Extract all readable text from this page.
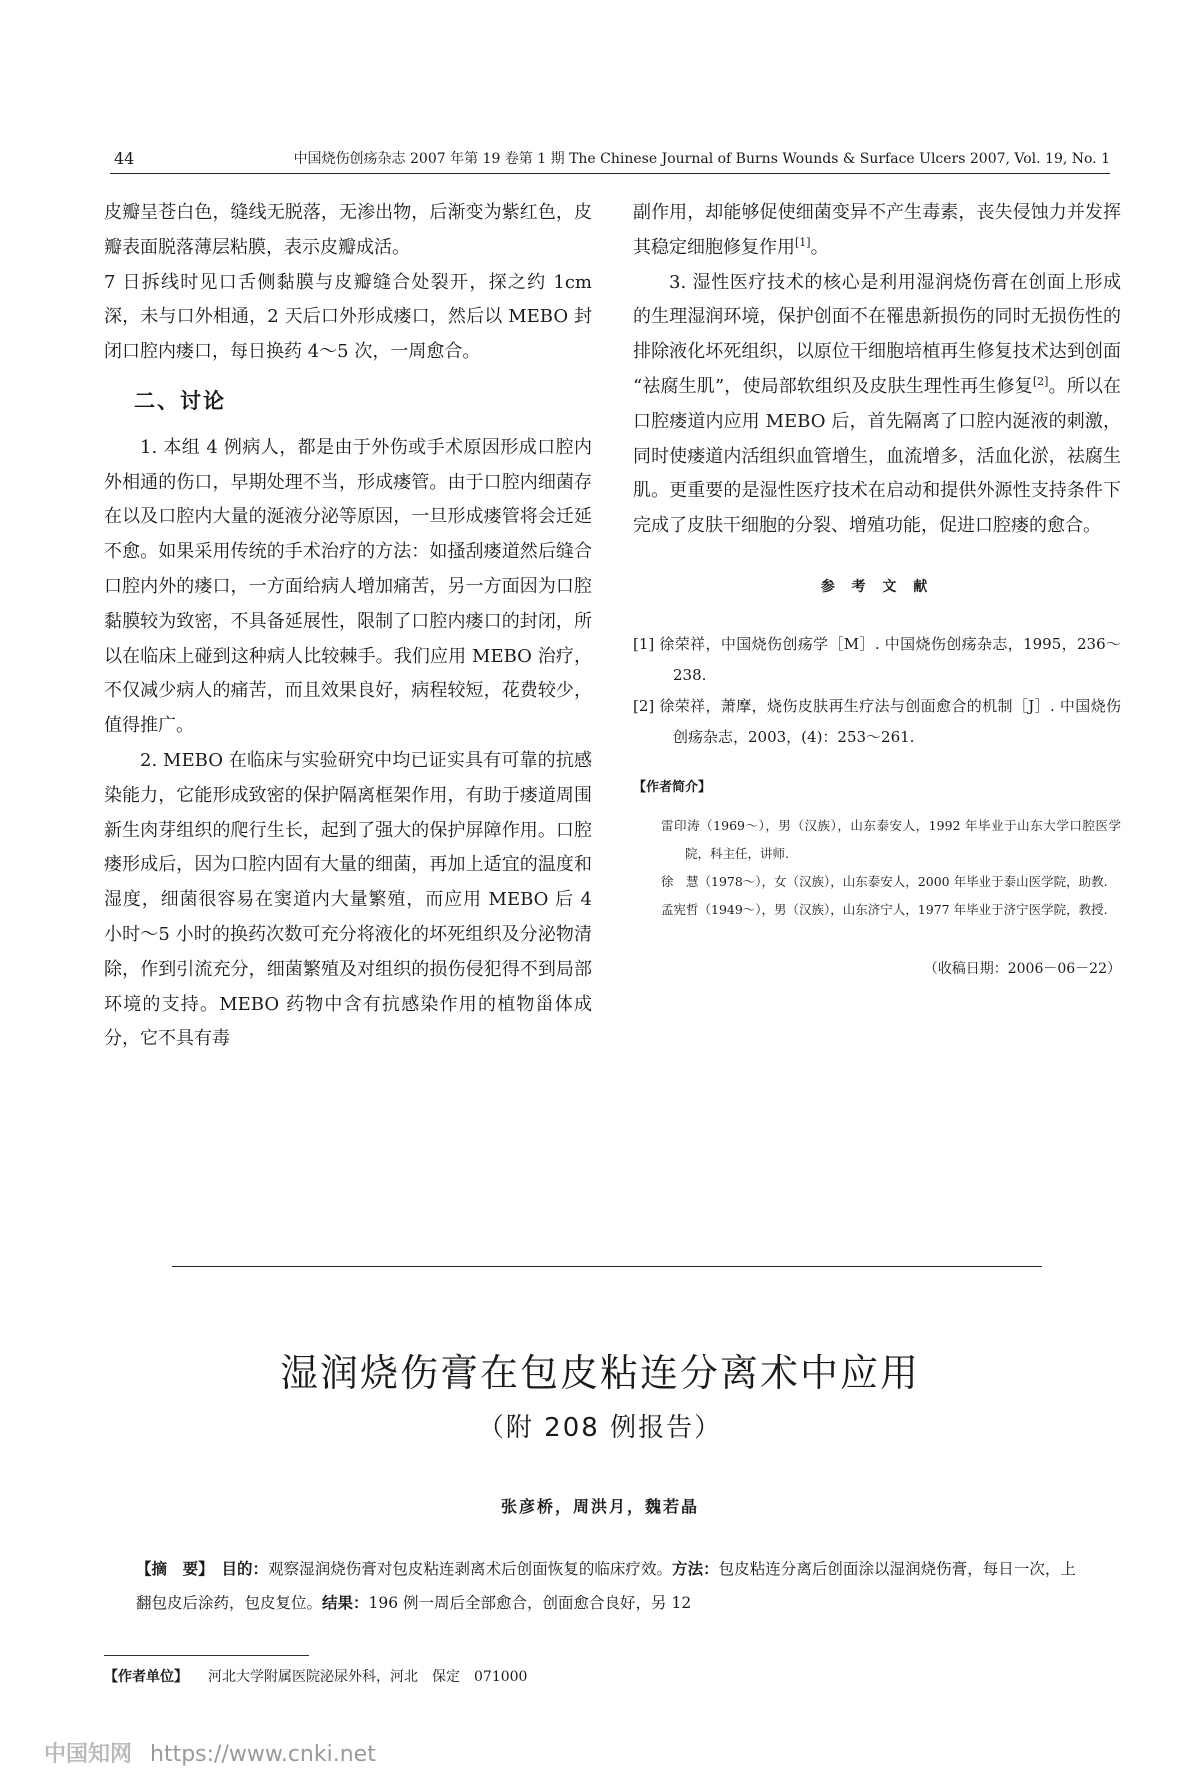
44	中国烧伤创疡杂志 2007 年第 19 卷第 1 期 The Chinese Journal of Burns Wounds & Surface Ulcers 2007, Vol. 19, No. 1

皮瓣呈苍白色，缝线无脱落，无渗出物，后渐变为紫红色，皮瓣表面脱落薄层粘膜，表示皮瓣成活。

7 日拆线时见口舌侧黏膜与皮瓣缝合处裂开，探之约 1cm 深，未与口外相通，2 天后口外形成瘘口，然后以 MEBO 封闭口腔内瘘口，每日换药 4～5 次，一周愈合。

二、讨论

1. 本组 4 例病人，都是由于外伤或手术原因形成口腔内外相通的伤口，早期处理不当，形成瘘管。由于口腔内细菌存在以及口腔内大量的涎液分泌等原因，一旦形成瘘管将会迁延不愈。如果采用传统的手术治疗的方法：如搔刮瘘道然后缝合口腔内外的瘘口，一方面给病人增加痛苦，另一方面因为口腔黏膜较为致密，不具备延展性，限制了口腔内瘘口的封闭，所以在临床上碰到这种病人比较棘手。我们应用 MEBO 治疗，不仅减少病人的痛苦，而且效果良好，病程较短，花费较少，值得推广。

2. MEBO 在临床与实验研究中均已证实具有可靠的抗感染能力，它能形成致密的保护隔离框架作用，有助于瘘道周围新生肉芽组织的爬行生长，起到了强大的保护屏障作用。口腔瘘形成后，因为口腔内固有大量的细菌，再加上适宜的温度和湿度，细菌很容易在窦道内大量繁殖，而应用 MEBO 后 4 小时～5 小时的换药次数可充分将液化的坏死组织及分泌物清除，作到引流充分，细菌繁殖及对组织的损伤侵犯得不到局部环境的支持。MEBO 药物中含有抗感染作用的植物甾体成分，它不具有毒

副作用，却能够促使细菌变异不产生毒素，丧失侵蚀力并发挥其稳定细胞修复作用[1]。

3. 湿性医疗技术的核心是利用湿润烧伤膏在创面上形成的生理湿润环境，保护创面不在罹患新损伤的同时无损伤性的排除液化坏死组织，以原位干细胞培植再生修复技术达到创面 “祛腐生肌”，使局部软组织及皮肤生理性再生修复[2]。所以在口腔瘘道内应用 MEBO 后，首先隔离了口腔内涎液的刺激，同时使瘘道内活组织血管增生，血流增多，活血化淤，祛腐生肌。更重要的是湿性医疗技术在启动和提供外源性支持条件下完成了皮肤干细胞的分裂、增殖功能，促进口腔瘘的愈合。

参 考 文 献

[1] 徐荣祥，中国烧伤创疡学［M］. 中国烧伤创疡杂志，1995，236～238.

[2] 徐荣祥，萧摩，烧伤皮肤再生疗法与创面愈合的机制［J］. 中国烧伤创疡杂志，2003，(4)：253～261.

【作者简介】

雷印涛（1969～），男（汉族），山东泰安人，1992 年毕业于山东大学口腔医学院，科主任，讲师.

徐　慧（1978～），女（汉族），山东泰安人，2000 年毕业于泰山医学院，助教.

孟宪哲（1949～），男（汉族），山东济宁人，1977 年毕业于济宁医学院，教授.

（收稿日期：2006－06－22）
湿润烧伤膏在包皮粘连分离术中应用
（附 208 例报告）
张彦桥，周洪月，魏若晶

【摘　要】　 目的：观察湿润烧伤膏对包皮粘连剥离术后创面恢复的临床疗效。方法：包皮粘连分离后创面涂以湿润烧伤膏，每日一次，上翻包皮后涂药，包皮复位。结果：196 例一周后全部愈合，创面愈合良好，另 12

【作者单位】 河北大学附属医院泌尿外科，河北　保定　071000
中国知网 https://www.cnki.net
